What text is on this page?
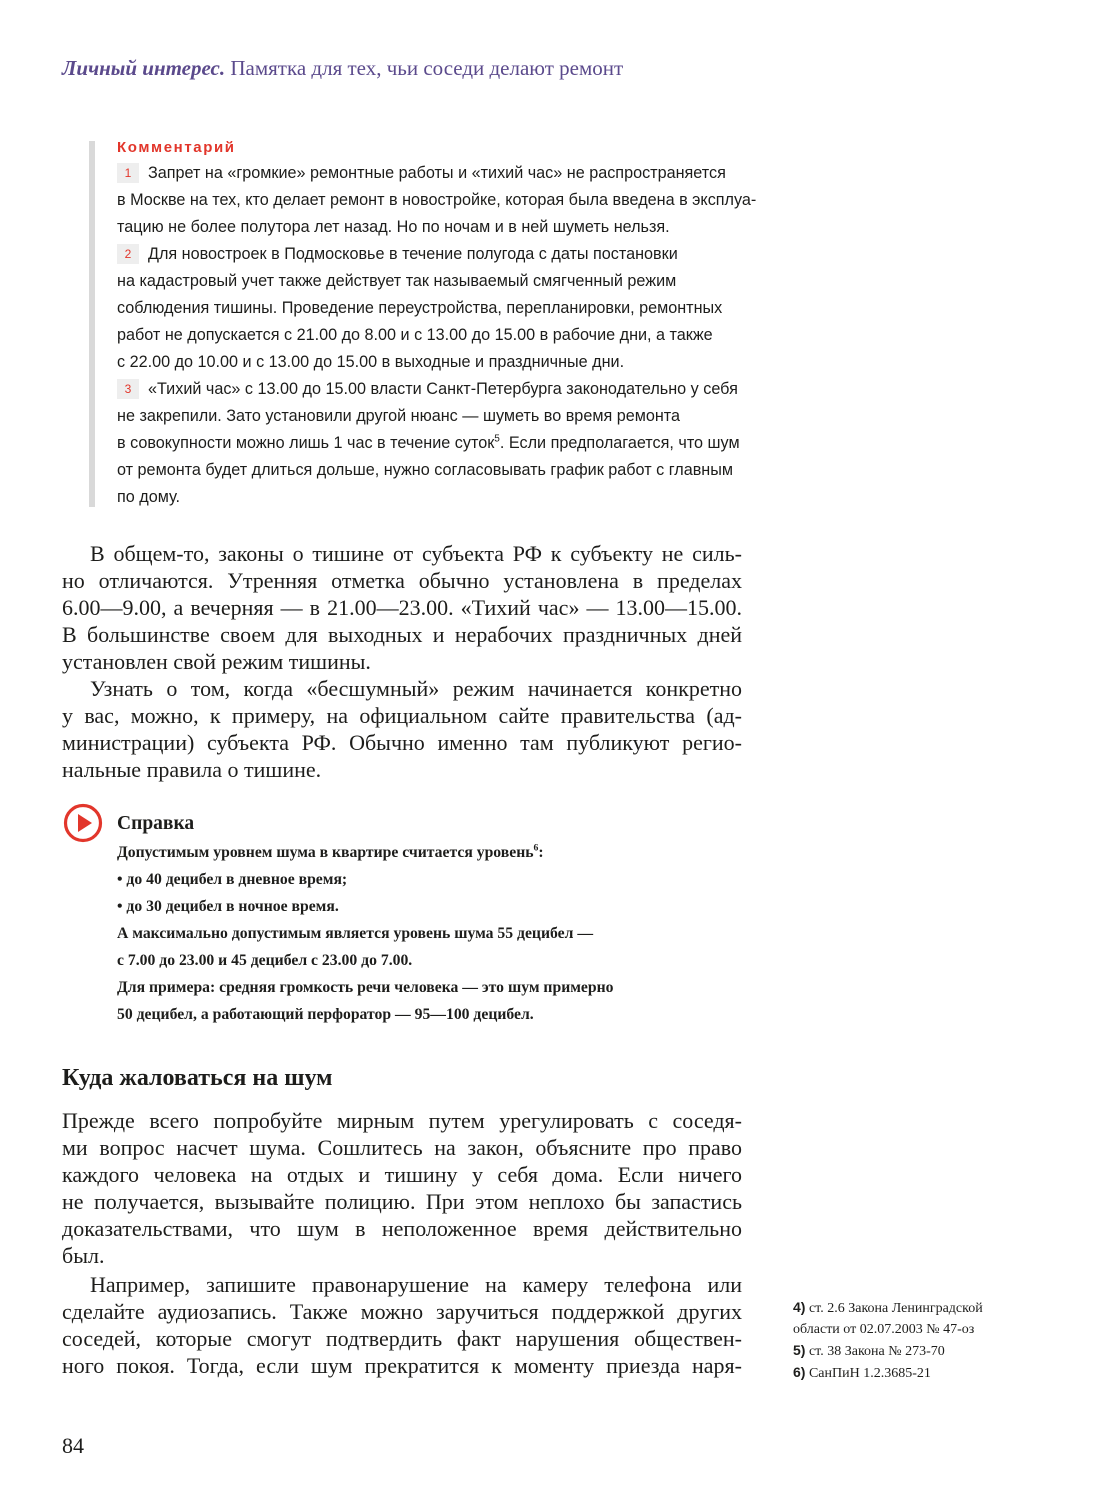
Личный интерес. Памятка для тех, чьи соседи делают ремонт
Комментарий
1 Запрет на «громкие» ремонтные работы и «тихий час» не распространяется
в Москве на тех, кто делает ремонт в новостройке, которая была введена в эксплуа-
тацию не более полутора лет назад. Но по ночам и в ней шуметь нельзя.
2 Для новостроек в Подмосковье в течение полугода с даты постановки
на кадастровый учет также действует так называемый смягченный режим
соблюдения тишины. Проведение переустройства, перепланировки, ремонтных
работ не допускается с 21.00 до 8.00 и с 13.00 до 15.00 в рабочие дни, а также
с 22.00 до 10.00 и с 13.00 до 15.00 в выходные и праздничные дни.
3 «Тихий час» с 13.00 до 15.00 власти Санкт-Петербурга законодательно у себя
не закрепили. Зато установили другой нюанс — шуметь во время ремонта
в совокупности можно лишь 1 час в течение суток$^5$. Если предполагается, что шум
от ремонта будет длиться дольше, нужно согласовывать график работ с главным
по дому.
В общем-то, законы о тишине от субъекта РФ к субъекту не силь-
но отличаются. Утренняя отметка обычно установлена в пределах
6.00—9.00, а вечерняя — в 21.00—23.00. «Тихий час» — 13.00—15.00.
В большинстве своем для выходных и нерабочих праздничных дней
установлен свой режим тишины.
Узнать о том, когда «бесшумный» режим начинается конкретно
у вас, можно, к примеру, на официальном сайте правительства (ад-
министрации) субъекта РФ. Обычно именно там публикуют регио-
нальные правила о тишине.
Справка
Допустимым уровнем шума в квартире считается уровень$^6$:
• до 40 децибел в дневное время;
• до 30 децибел в ночное время.
А максимально допустимым является уровень шума 55 децибел —
с 7.00 до 23.00 и 45 децибел с 23.00 до 7.00.
Для примера: средняя громкость речи человека — это шум примерно
50 децибел, а работающий перфоратор — 95—100 децибел.
Куда жаловаться на шум
Прежде всего попробуйте мирным путем урегулировать с соседя-
ми вопрос насчет шума. Сошлитесь на закон, объясните про право
каждого человека на отдых и тишину у себя дома. Если ничего
не получается, вызывайте полицию. При этом неплохо бы запастись
доказательствами, что шум в неположенное время действительно
был.
Например, запишите правонарушение на камеру телефона или
сделайте аудиозапись. Также можно заручиться поддержкой других
соседей, которые смогут подтвердить факт нарушения обществен-
ного покоя. Тогда, если шум прекратится к моменту приезда наря-
4) ст. 2.6 Закона Ленинградской
области от 02.07.2003 № 47-оз
5) ст. 38 Закона № 273-70
6) СанПиН 1.2.3685-21
84
